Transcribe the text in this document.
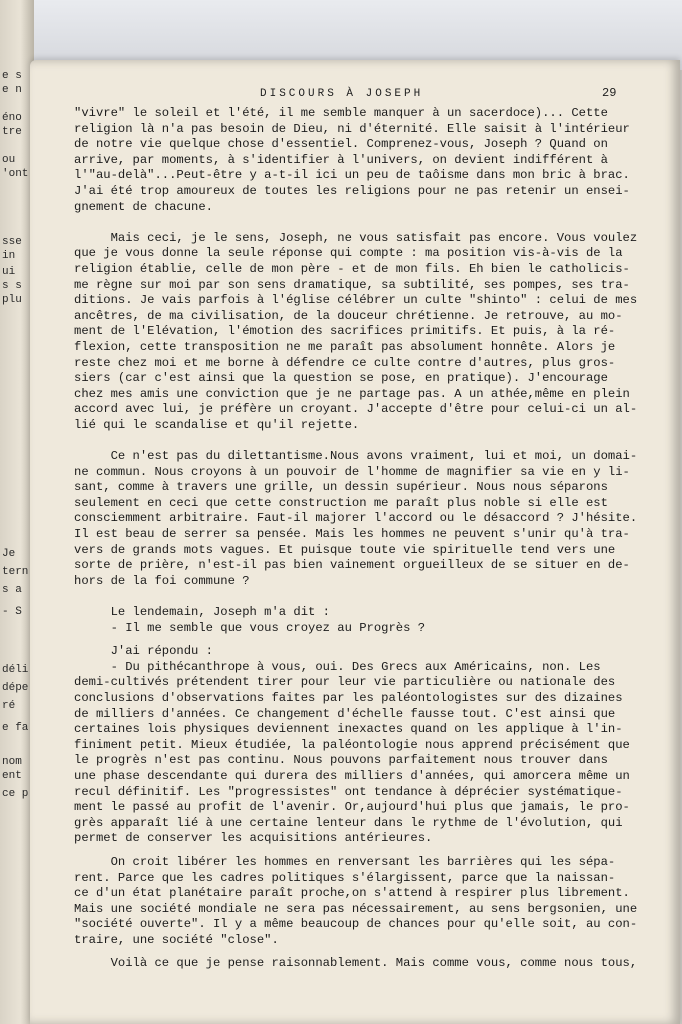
e s
e n
éno
tre
ou
'ont
sse
in
ui
s s
plu
Je
tern
s a
- S
déli
dépe
ré
e fa
nom
ent
ce p
DISCOURS À JOSEPH	29
"vivre" le soleil et l'été, il me semble manquer à un sacerdoce)... Cette
religion là n'a pas besoin de Dieu, ni d'éternité. Elle saisit à l'intérieur
de notre vie quelque chose d'essentiel. Comprenez-vous, Joseph ? Quand on
arrive, par moments, à s'identifier à l'univers, on devient indifférent à
l'"au-delà"...Peut-être y a-t-il ici un peu de taôisme dans mon bric à brac.
J'ai été trop amoureux de toutes les religions pour ne pas retenir un ensei-
gnement de chacune.
Mais ceci, je le sens, Joseph, ne vous satisfait pas encore. Vous voulez
que je vous donne la seule réponse qui compte : ma position vis-à-vis de la
religion établie, celle de mon père - et de mon fils. Eh bien le catholicis-
me règne sur moi par son sens dramatique, sa subtilité, ses pompes, ses tra-
ditions. Je vais parfois à l'église célébrer un culte "shinto" : celui de mes
ancêtres, de ma civilisation, de la douceur chrétienne. Je retrouve, au mo-
ment de l'Elévation, l'émotion des sacrifices primitifs. Et puis, à la ré-
flexion, cette transposition ne me paraît pas absolument honnête. Alors je
reste chez moi et me borne à défendre ce culte contre d'autres, plus gros-
siers (car c'est ainsi que la question se pose, en pratique). J'encourage
chez mes amis une conviction que je ne partage pas. A un athée,même en plein
accord avec lui, je préfère un croyant. J'accepte d'être pour celui-ci un al-
lié qui le scandalise et qu'il rejette.
Ce n'est pas du dilettantisme.Nous avons vraiment, lui et moi, un domai-
ne commun. Nous croyons à un pouvoir de l'homme de magnifier sa vie en y li-
sant, comme à travers une grille, un dessin supérieur. Nous nous séparons
seulement en ceci que cette construction me paraît plus noble si elle est
consciemment arbitraire. Faut-il majorer l'accord ou le désaccord ? J'hésite.
Il est beau de serrer sa pensée. Mais les hommes ne peuvent s'unir qu'à tra-
vers de grands mots vagues. Et puisque toute vie spirituelle tend vers une
sorte de prière, n'est-il pas bien vainement orgueilleux de se situer en de-
hors de la foi commune ?
Le lendemain, Joseph m'a dit :
- Il me semble que vous croyez au Progrès ?
J'ai répondu :
- Du pithécanthrope à vous, oui. Des Grecs aux Américains, non. Les
demi-cultivés prétendent tirer pour leur vie particulière ou nationale des
conclusions d'observations faites par les paléontologistes sur des dizaines
de milliers d'années. Ce changement d'échelle fausse tout. C'est ainsi que
certaines lois physiques deviennent inexactes quand on les applique à l'in-
finiment petit. Mieux étudiée, la paléontologie nous apprend précisément que
le progrès n'est pas continu. Nous pouvons parfaitement nous trouver dans
une phase descendante qui durera des milliers d'années, qui amorcera même un
recul définitif. Les "progressistes" ont tendance à déprécier systématique-
ment le passé au profit de l'avenir. Or,aujourd'hui plus que jamais, le pro-
grès apparaît lié à une certaine lenteur dans le rythme de l'évolution, qui
permet de conserver les acquisitions antérieures.
On croit libérer les hommes en renversant les barrières qui les sépa-
rent. Parce que les cadres politiques s'élargissent, parce que la naissan-
ce d'un état planétaire paraît proche,on s'attend à respirer plus librement.
Mais une société mondiale ne sera pas nécessairement, au sens bergsonien, une
"société ouverte". Il y a même beaucoup de chances pour qu'elle soit, au con-
traire, une société "close".
Voilà ce que je pense raisonnablement. Mais comme vous, comme nous tous,
